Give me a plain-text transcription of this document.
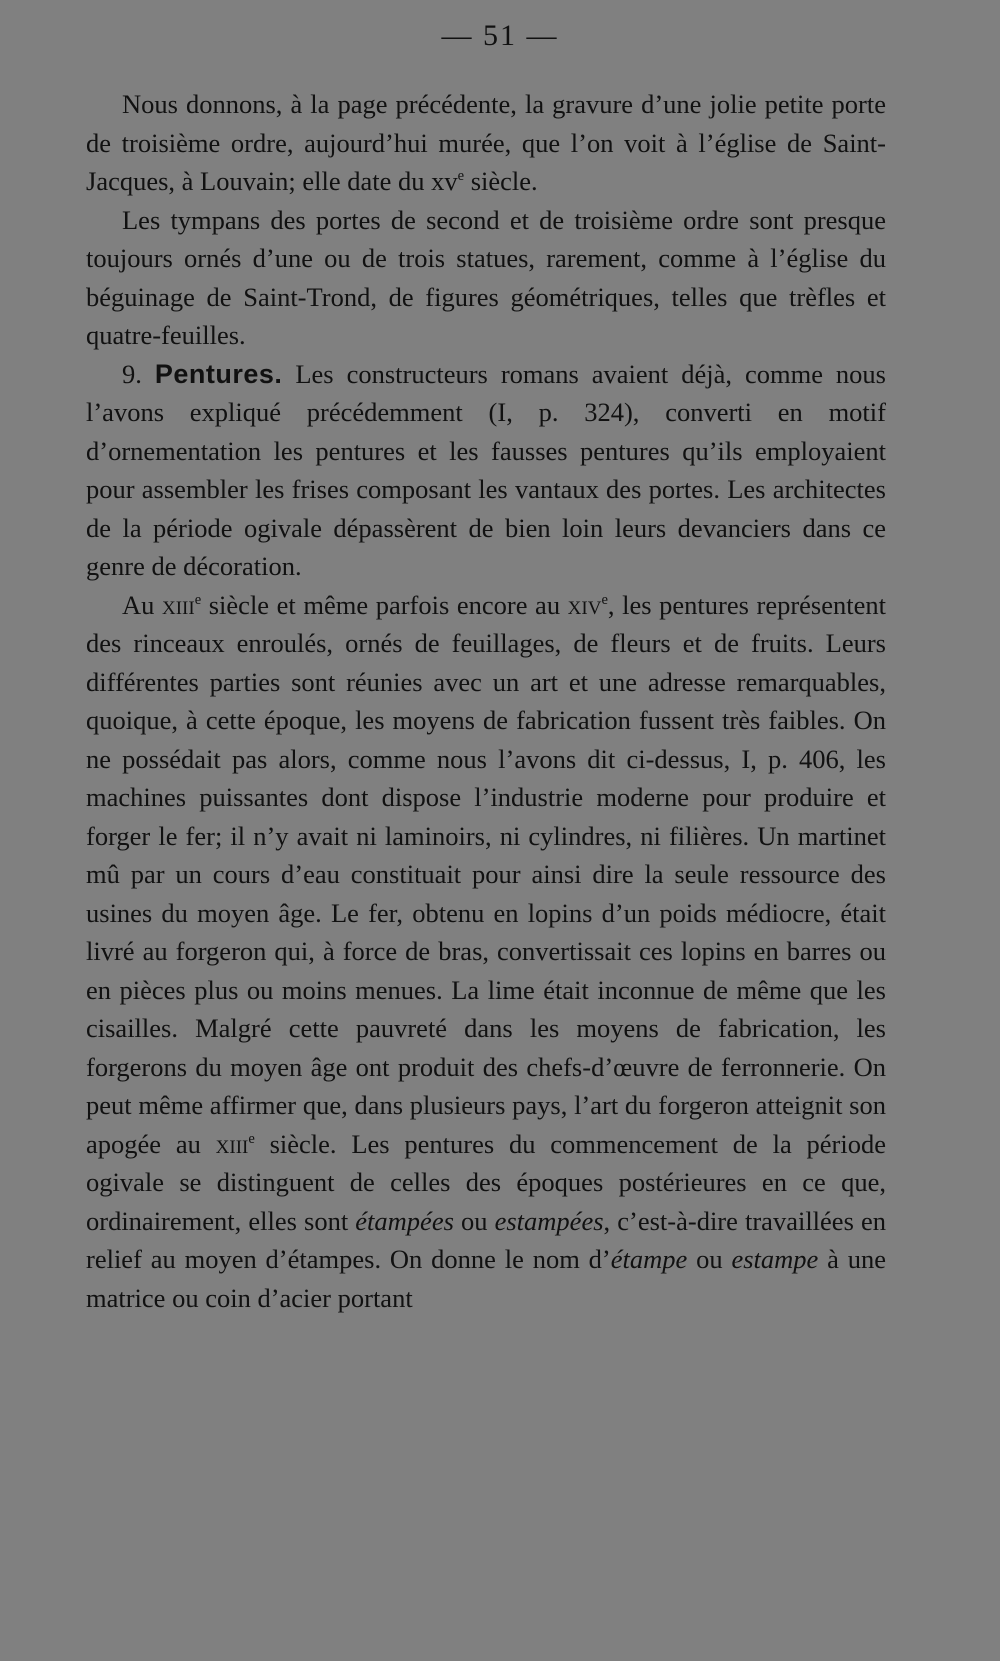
— 51 —

Nous donnons, à la page précédente, la gravure d’une jolie petite porte de troisième ordre, aujourd’hui murée, que l’on voit à l’église de Saint-Jacques, à Louvain; elle date du $xv^e$ siècle.

Les tympans des portes de second et de troisième ordre sont presque toujours ornés d’une ou de trois statues, rarement, comme à l’église du béguinage de Saint-Trond, de figures géométriques, telles que trèfles et quatre-feuilles.

9. Pentures. Les constructeurs romans avaient déjà, comme nous l’avons expliqué précédemment (I, p. 324), converti en motif d’ornementation les pentures et les fausses pentures qu’ils employaient pour assembler les frises composant les vantaux des portes. Les architectes de la période ogivale dépassèrent de bien loin leurs devanciers dans ce genre de décoration.

Au xiii$^e$ siècle et même parfois encore au xiv$^e$, les pentures représentent des rinceaux enroulés, ornés de feuillages, de fleurs et de fruits. Leurs différentes parties sont réunies avec un art et une adresse remarquables, quoique, à cette époque, les moyens de fabrication fussent très faibles. On ne possédait pas alors, comme nous l’avons dit ci-dessus, I, p. 406, les machines puissantes dont dispose l’industrie moderne pour produire et forger le fer; il n’y avait ni laminoirs, ni cylindres, ni filières. Un martinet mû par un cours d’eau constituait pour ainsi dire la seule ressource des usines du moyen âge. Le fer, obtenu en lopins d’un poids médiocre, était livré au forgeron qui, à force de bras, convertissait ces lopins en barres ou en pièces plus ou moins menues. La lime était inconnue de même que les cisailles. Malgré cette pauvreté dans les moyens de fabrication, les forgerons du moyen âge ont produit des chefs-d’œuvre de ferronnerie. On peut même affirmer que, dans plusieurs pays, l’art du forgeron atteignit son apogée au xiii$^e$ siècle. Les pentures du commencement de la période ogivale se distinguent de celles des époques postérieures en ce que, ordinairement, elles sont étampées ou estampées, c’est-à-dire travaillées en relief au moyen d’étampes. On donne le nom d’étampe ou estampe à une matrice ou coin d’acier portant
